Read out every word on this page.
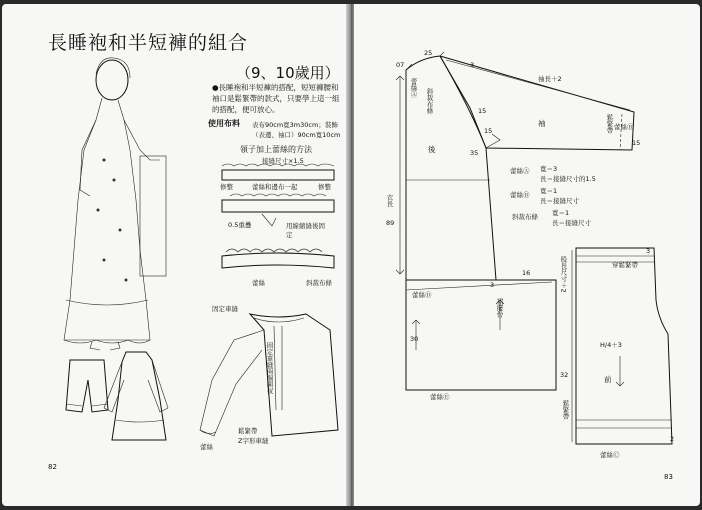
長睡袍和半短褲的組合
（9、10歲用）
●長睡袍和半短褲的搭配，短短褲腰和袖口是鬆緊帶的款式，只要學上這一組的搭配，便可放心。
使用布料 表布90cm寬3m30cm；裝飾（表邊、袖口）90cm寬10cm
領子加上蕾絲的方法
接縫尺寸×1.5
修整	蕾絲和邊布一起	修整
0.5重疊	用線縮縫後固定
蕾絲	斜裁布條
固定車縫
固定車縫兩端開衩
鬆緊帶
Z字形車縫
蕾絲
82
07
25
3
蕾絲Ⓐ
斜裁布條
袖長＋2
袖	鬆緊帶 蕾絲Ⓑ
15
15
15
35
後
衣長
89
16
3
蕾絲Ⓓ
裙擺份
30
32
蕾絲Ⓔ
蕾絲Ⓐ 寬＝3
長＝接縫尺寸的1.5
蕾絲Ⓑ 寬＝1
長＝接縫尺寸
斜裁布條 寬＝1
長＝接縫尺寸
3
穿鬆緊帶
股長尺寸＋2
H/4＋3
前
鬆緊帶
2
蕾絲Ⓒ
83
